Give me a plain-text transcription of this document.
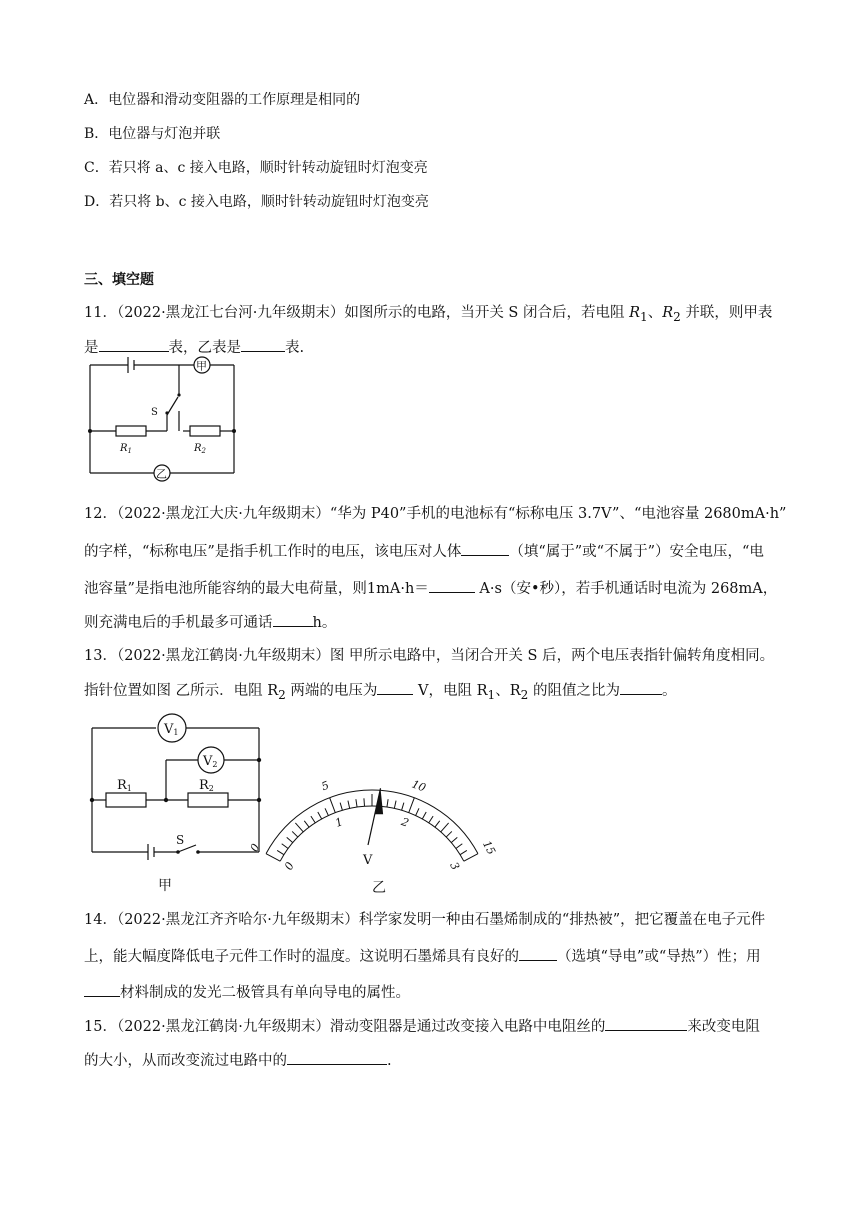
A．电位器和滑动变阻器的工作原理是相同的
B．电位器与灯泡并联
C．若只将 a、c 接入电路，顺时针转动旋钮时灯泡变亮
D．若只将 b、c 接入电路，顺时针转动旋钮时灯泡变亮
三、填空题
11．（2022·黑龙江七台河·九年级期末）如图所示的电路，当开关 S 闭合后，若电阻 $R_1$、$R_2$ 并联，则甲表
是	表，乙表是	表.
甲
乙
S
$R_1$	$R_2$
12．（2022·黑龙江大庆·九年级期末）“华为 P40”手机的电池标有“标称电压 3.7V”、“电池容量 2680mA·h”
的字样，“标称电压”是指手机工作时的电压，该电压对人体	（填“属于”或“不属于”）安全电压，“电
池容量”是指电池所能容纳的最大电荷量，则1mA·h＝	A·s（安•秒），若手机通话时电流为 268mA，
则充满电后的手机最多可通话	h。
13．（2022·黑龙江鹤岗·九年级期末）图 甲所示电路中，当闭合开关 S 后，两个电压表指针偏转角度相同。
指针位置如图 乙所示．电阻 $R_2$ 两端的电压为 V，电阻 $R_1$、$R_2$ 的阻值之比为	。
V1
V2
R1	R2
S
甲
0
5	10
15
0
1	2
3
V
乙
14．（2022·黑龙江齐齐哈尔·九年级期末）科学家发明一种由石墨烯制成的“排热被”，把它覆盖在电子元件
上，能大幅度降低电子元件工作时的温度。这说明石墨烯具有良好的	（选填“导电”或“导热”）性；用
材料制成的发光二极管具有单向导电的属性。
15．（2022·黑龙江鹤岗·九年级期末）滑动变阻器是通过改变接入电路中电阻丝的	来改变电阻
的大小，从而改变流过电路中的	.
